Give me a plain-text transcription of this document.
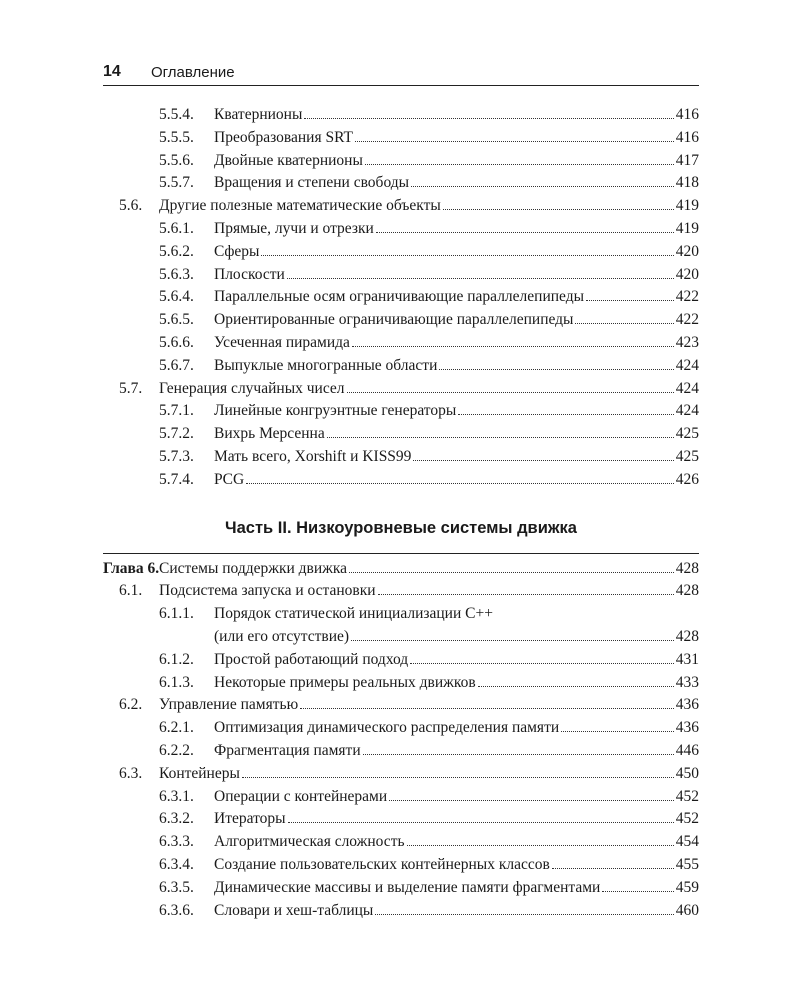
14 Оглавление
5.5.4. Кватернионы	416
5.5.5. Преобразования SRT	416
5.5.6. Двойные кватернионы	417
5.5.7. Вращения и степени свободы	418
5.6. Другие полезные математические объекты	419
5.6.1. Прямые, лучи и отрезки	419
5.6.2. Сферы	420
5.6.3. Плоскости	420
5.6.4. Параллельные осям ограничивающие параллелепипеды	422
5.6.5. Ориентированные ограничивающие параллелепипеды	422
5.6.6. Усеченная пирамида	423
5.6.7. Выпуклые многогранные области	424
5.7. Генерация случайных чисел	424
5.7.1. Линейные конгруэнтные генераторы	424
5.7.2. Вихрь Мерсенна	425
5.7.3. Мать всего, Xorshift и KISS99	425
5.7.4. PCG	426
Часть II. Низкоуровневые системы движка
Глава 6. Системы поддержки движка	428
6.1. Подсистема запуска и остановки	428
6.1.1. Порядок статической инициализации С++
(или его отсутствие)	428
6.1.2. Простой работающий подход	431
6.1.3. Некоторые примеры реальных движков	433
6.2. Управление памятью	436
6.2.1. Оптимизация динамического распределения памяти	436
6.2.2. Фрагментация памяти	446
6.3. Контейнеры	450
6.3.1. Операции с контейнерами	452
6.3.2. Итераторы	452
6.3.3. Алгоритмическая сложность	454
6.3.4. Создание пользовательских контейнерных классов	455
6.3.5. Динамические массивы и выделение памяти фрагментами	459
6.3.6. Словари и хеш-таблицы	460
